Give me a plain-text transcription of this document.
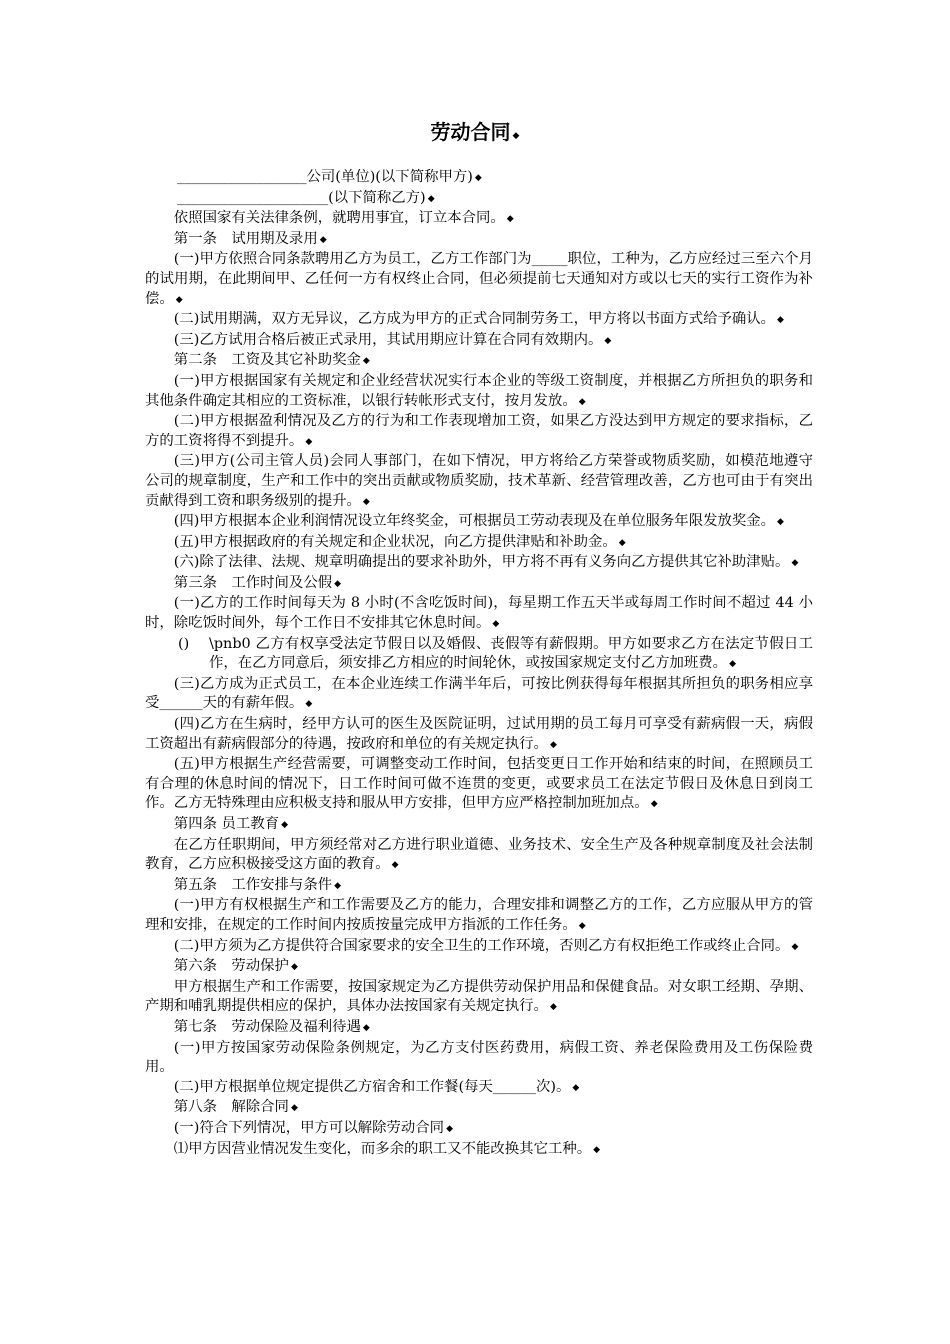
劳动合同 ◆

__________________公司(单位)(以下简称甲方) ◆

_____________________(以下简称乙方) ◆

依照国家有关法律条例，就聘用事宜，订立本合同。 ◆

第一条　试用期及录用 ◆

(一)甲方依照合同条款聘用乙方为员工，乙方工作部门为_____职位，工种为，乙方应经过三至六个月的试用期，在此期间甲、乙任何一方有权终止合同，但必须提前七天通知对方或以七天的实行工资作为补偿。 ◆

(二)试用期满，双方无异议，乙方成为甲方的正式合同制劳务工，甲方将以书面方式给予确认。 ◆

(三)乙方试用合格后被正式录用，其试用期应计算在合同有效期内。 ◆

第二条　工资及其它补助奖金 ◆

(一)甲方根据国家有关规定和企业经营状况实行本企业的等级工资制度，并根据乙方所担负的职务和其他条件确定其相应的工资标准，以银行转帐形式支付，按月发放。 ◆

(二)甲方根据盈利情况及乙方的行为和工作表现增加工资，如果乙方没达到甲方规定的要求指标，乙方的工资将得不到提升。 ◆

(三)甲方(公司主管人员)会同人事部门，在如下情况，甲方将给乙方荣誉或物质奖励，如模范地遵守公司的规章制度，生产和工作中的突出贡献或物质奖励，技术革新、经营管理改善，乙方也可由于有突出贡献得到工资和职务级别的提升。 ◆

(四)甲方根据本企业利润情况设立年终奖金，可根据员工劳动表现及在单位服务年限发放奖金。 ◆

(五)甲方根据政府的有关规定和企业状况，向乙方提供津贴和补助金。 ◆

(六)除了法律、法规、规章明确提出的要求补助外，甲方将不再有义务向乙方提供其它补助津贴。 ◆

第三条　工作时间及公假 ◆

(一)乙方的工作时间每天为 8 小时(不含吃饭时间)，每星期工作五天半或每周工作时间不超过 44 小时，除吃饭时间外，每个工作日不安排其它休息时间。 ◆

() \pnb0 乙方有权享受法定节假日以及婚假、丧假等有薪假期。甲方如要求乙方在法定节假日工作，在乙方同意后，须安排乙方相应的时间轮休，或按国家规定支付乙方加班费。 ◆

(三)乙方成为正式员工，在本企业连续工作满半年后，可按比例获得每年根据其所担负的职务相应享受______天的有薪年假。 ◆

(四)乙方在生病时，经甲方认可的医生及医院证明，过试用期的员工每月可享受有薪病假一天，病假工资超出有薪病假部分的待遇，按政府和单位的有关规定执行。 ◆

(五)甲方根据生产经营需要，可调整变动工作时间，包括变更日工作开始和结束的时间，在照顾员工有合理的休息时间的情况下，日工作时间可做不连贯的变更，或要求员工在法定节假日及休息日到岗工作。乙方无特殊理由应积极支持和服从甲方安排，但甲方应严格控制加班加点。 ◆

第四条 员工教育 ◆

在乙方任职期间，甲方须经常对乙方进行职业道德、业务技术、安全生产及各种规章制度及社会法制教育，乙方应积极接受这方面的教育。 ◆

第五条　工作安排与条件 ◆

(一)甲方有权根据生产和工作需要及乙方的能力，合理安排和调整乙方的工作，乙方应服从甲方的管理和安排，在规定的工作时间内按质按量完成甲方指派的工作任务。 ◆

(二)甲方须为乙方提供符合国家要求的安全卫生的工作环境，否则乙方有权拒绝工作或终止合同。 ◆

第六条　劳动保护 ◆

甲方根据生产和工作需要，按国家规定为乙方提供劳动保护用品和保健食品。对女职工经期、孕期、产期和哺乳期提供相应的保护，具体办法按国家有关规定执行。 ◆

第七条　劳动保险及福利待遇 ◆

(一)甲方按国家劳动保险条例规定，为乙方支付医药费用，病假工资、养老保险费用及工伤保险费用。

(二)甲方根据单位规定提供乙方宿舍和工作餐(每天______次)。 ◆

第八条　解除合同 ◆

(一)符合下列情况，甲方可以解除劳动合同 ◆

⑴甲方因营业情况发生变化，而多余的职工又不能改换其它工种。 ◆
